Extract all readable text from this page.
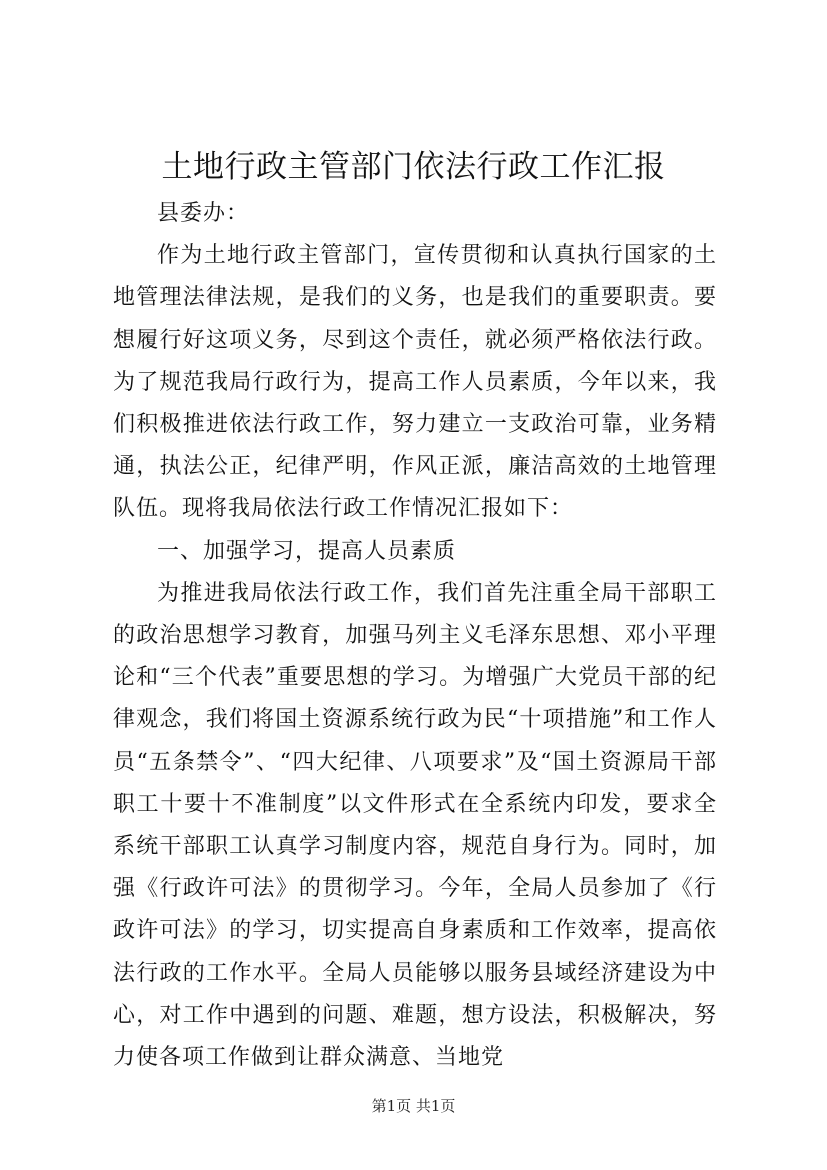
土地行政主管部门依法行政工作汇报

县委办：

作为土地行政主管部门，宣传贯彻和认真执行国家的土地管理法律法规，是我们的义务，也是我们的重要职责。要想履行好这项义务，尽到这个责任，就必须严格依法行政。为了规范我局行政行为，提高工作人员素质，今年以来，我们积极推进依法行政工作，努力建立一支政治可靠，业务精通，执法公正，纪律严明，作风正派，廉洁高效的土地管理队伍。现将我局依法行政工作情况汇报如下：

一、加强学习，提高人员素质

为推进我局依法行政工作，我们首先注重全局干部职工的政治思想学习教育，加强马列主义毛泽东思想、邓小平理论和“三个代表”重要思想的学习。为增强广大党员干部的纪律观念，我们将国土资源系统行政为民“十项措施”和工作人员“五条禁令”、“四大纪律、八项要求”及“国土资源局干部职工十要十不准制度”以文件形式在全系统内印发，要求全系统干部职工认真学习制度内容，规范自身行为。同时，加强《行政许可法》的贯彻学习。今年，全局人员参加了《行政许可法》的学习，切实提高自身素质和工作效率，提高依法行政的工作水平。全局人员能够以服务县域经济建设为中心，对工作中遇到的问题、难题，想方设法，积极解决，努力使各项工作做到让群众满意、当地党

第1页 共1页
